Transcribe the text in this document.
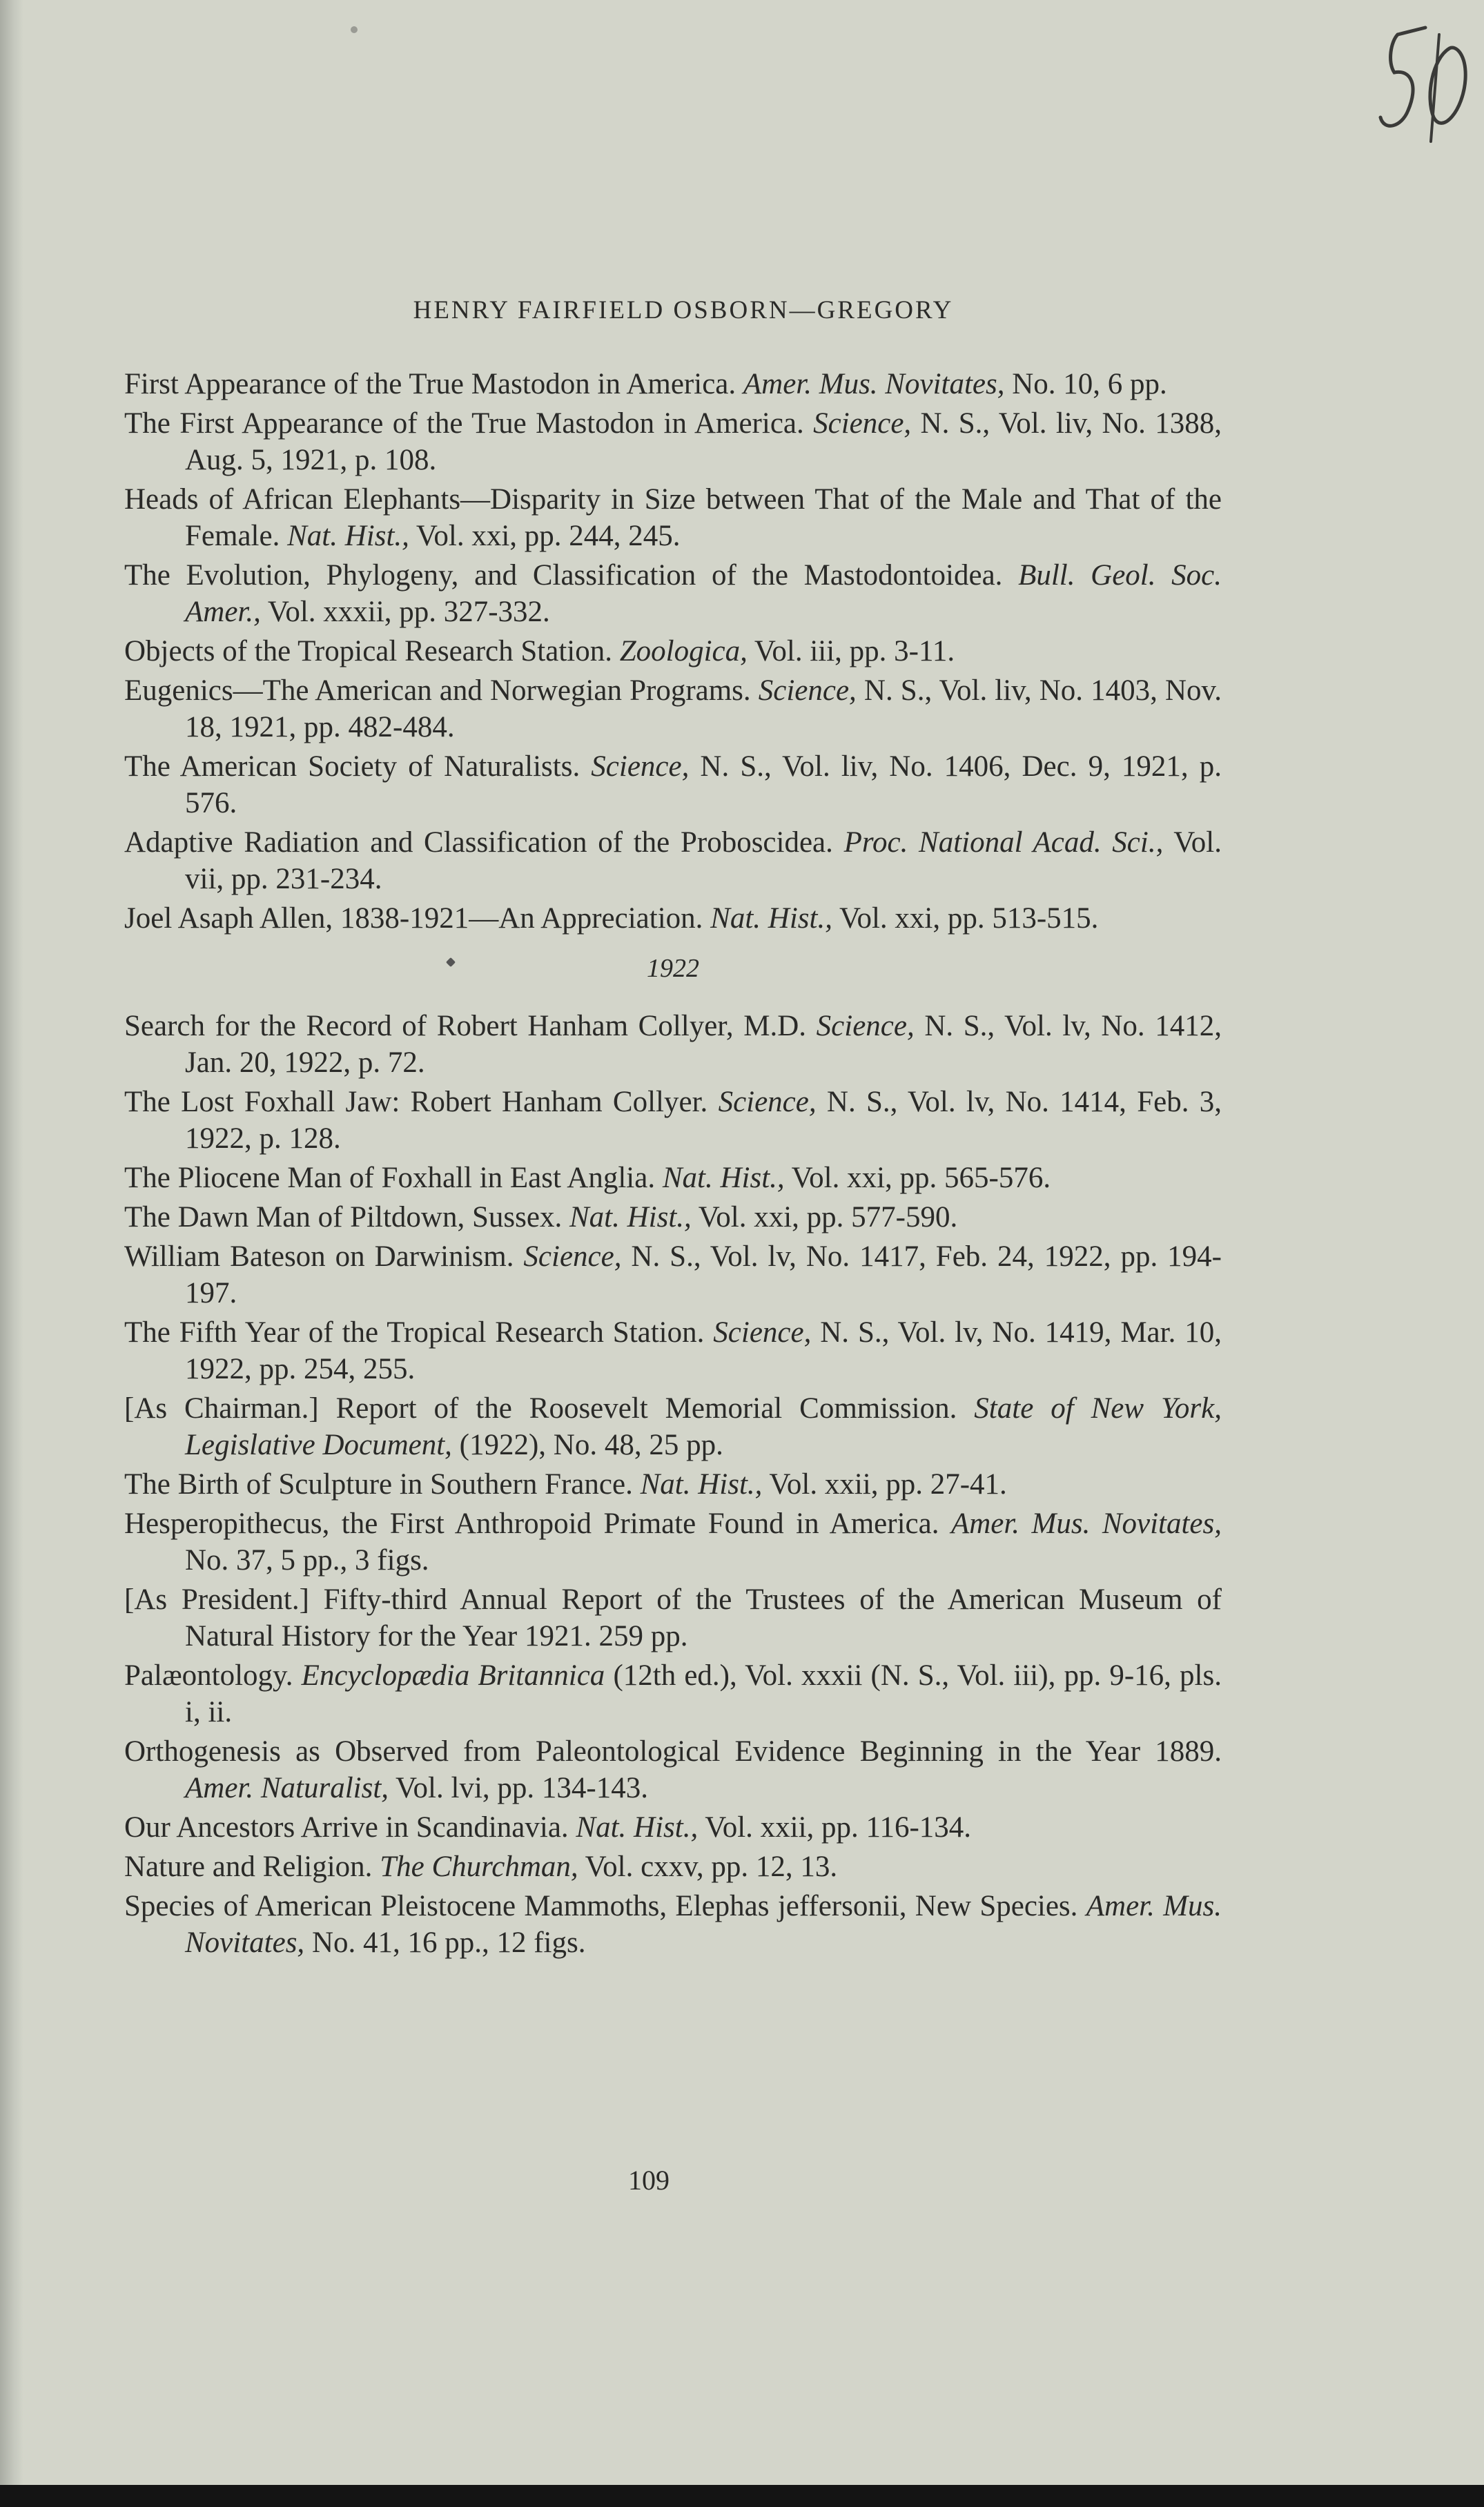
HENRY FAIRFIELD OSBORN—GREGORY

First Appearance of the True Mastodon in America. Amer. Mus. Novitates, No. 10, 6 pp.

The First Appearance of the True Mastodon in America. Science, N. S., Vol. liv, No. 1388, Aug. 5, 1921, p. 108.

Heads of African Elephants—Disparity in Size between That of the Male and That of the Female. Nat. Hist., Vol. xxi, pp. 244, 245.

The Evolution, Phylogeny, and Classification of the Mastodontoidea. Bull. Geol. Soc. Amer., Vol. xxxii, pp. 327-332.

Objects of the Tropical Research Station. Zoologica, Vol. iii, pp. 3-11.

Eugenics—The American and Norwegian Programs. Science, N. S., Vol. liv, No. 1403, Nov. 18, 1921, pp. 482-484.

The American Society of Naturalists. Science, N. S., Vol. liv, No. 1406, Dec. 9, 1921, p. 576.

Adaptive Radiation and Classification of the Proboscidea. Proc. National Acad. Sci., Vol. vii, pp. 231-234.

Joel Asaph Allen, 1838-1921—An Appreciation. Nat. Hist., Vol. xxi, pp. 513-515.

1922

Search for the Record of Robert Hanham Collyer, M.D. Science, N. S., Vol. lv, No. 1412, Jan. 20, 1922, p. 72.

The Lost Foxhall Jaw: Robert Hanham Collyer. Science, N. S., Vol. lv, No. 1414, Feb. 3, 1922, p. 128.

The Pliocene Man of Foxhall in East Anglia. Nat. Hist., Vol. xxi, pp. 565-576.

The Dawn Man of Piltdown, Sussex. Nat. Hist., Vol. xxi, pp. 577-590.

William Bateson on Darwinism. Science, N. S., Vol. lv, No. 1417, Feb. 24, 1922, pp. 194-197.

The Fifth Year of the Tropical Research Station. Science, N. S., Vol. lv, No. 1419, Mar. 10, 1922, pp. 254, 255.

[As Chairman.] Report of the Roosevelt Memorial Commission. State of New York, Legislative Document, (1922), No. 48, 25 pp.

The Birth of Sculpture in Southern France. Nat. Hist., Vol. xxii, pp. 27-41.

Hesperopithecus, the First Anthropoid Primate Found in America. Amer. Mus. Novitates, No. 37, 5 pp., 3 figs.

[As President.] Fifty-third Annual Report of the Trustees of the American Museum of Natural History for the Year 1921. 259 pp.

Palæontology. Encyclopædia Britannica (12th ed.), Vol. xxxii (N. S., Vol. iii), pp. 9-16, pls. i, ii.

Orthogenesis as Observed from Paleontological Evidence Beginning in the Year 1889. Amer. Naturalist, Vol. lvi, pp. 134-143.

Our Ancestors Arrive in Scandinavia. Nat. Hist., Vol. xxii, pp. 116-134.

Nature and Religion. The Churchman, Vol. cxxv, pp. 12, 13.

Species of American Pleistocene Mammoths, Elephas jeffersonii, New Species. Amer. Mus. Novitates, No. 41, 16 pp., 12 figs.

109
